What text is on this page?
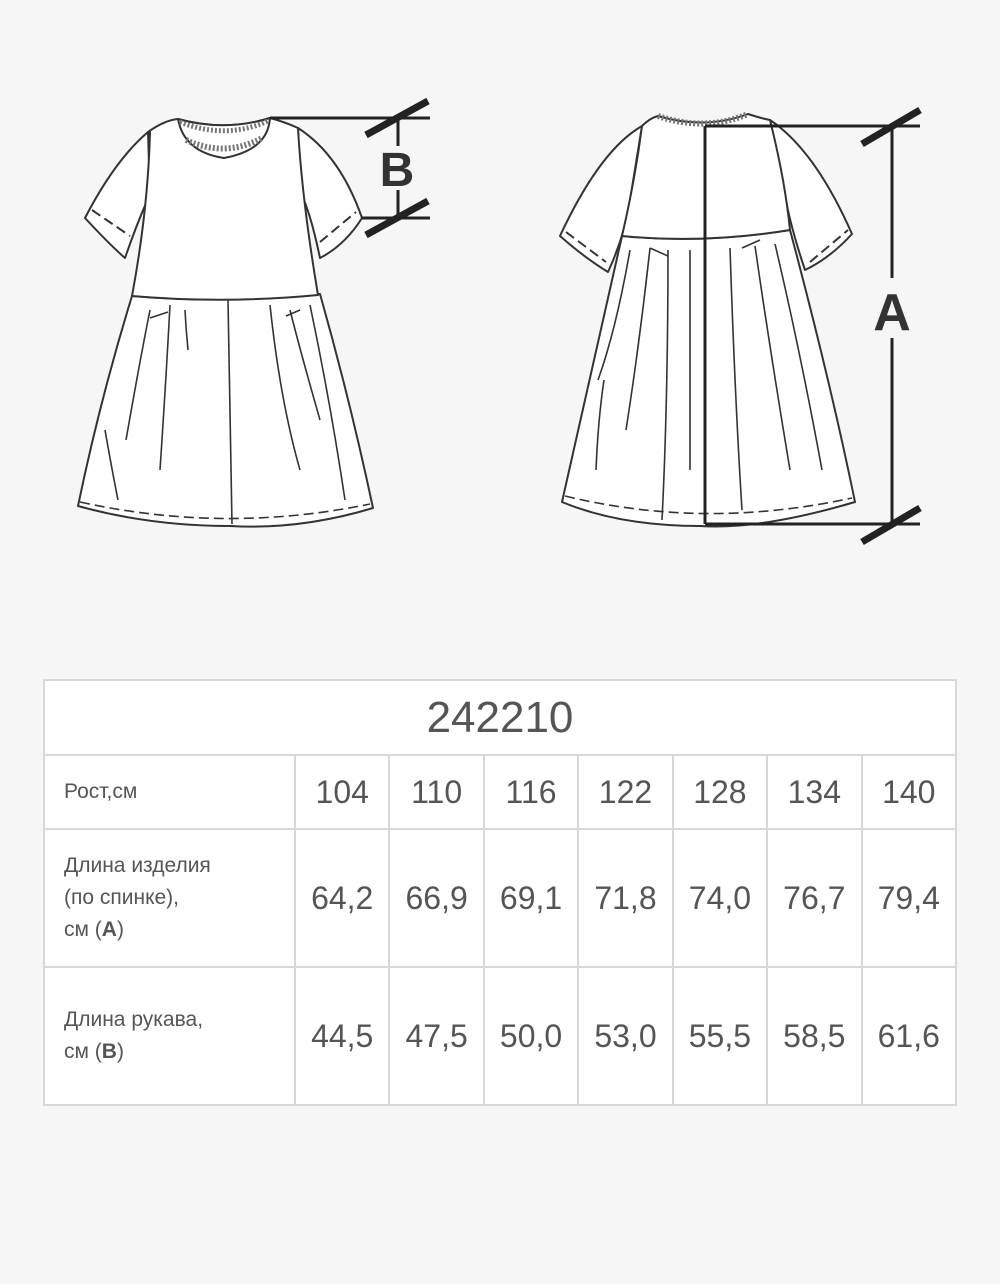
B
A
242210							

Рост,см	104	110	116	122	128	134	140

Длина изделия
(по спинке),
см (A)	64,2	66,9	69,1	71,8	74,0	76,7	79,4

Длина рукава,
см (B)	44,5	47,5	50,0	53,0	55,5	58,5	61,6
